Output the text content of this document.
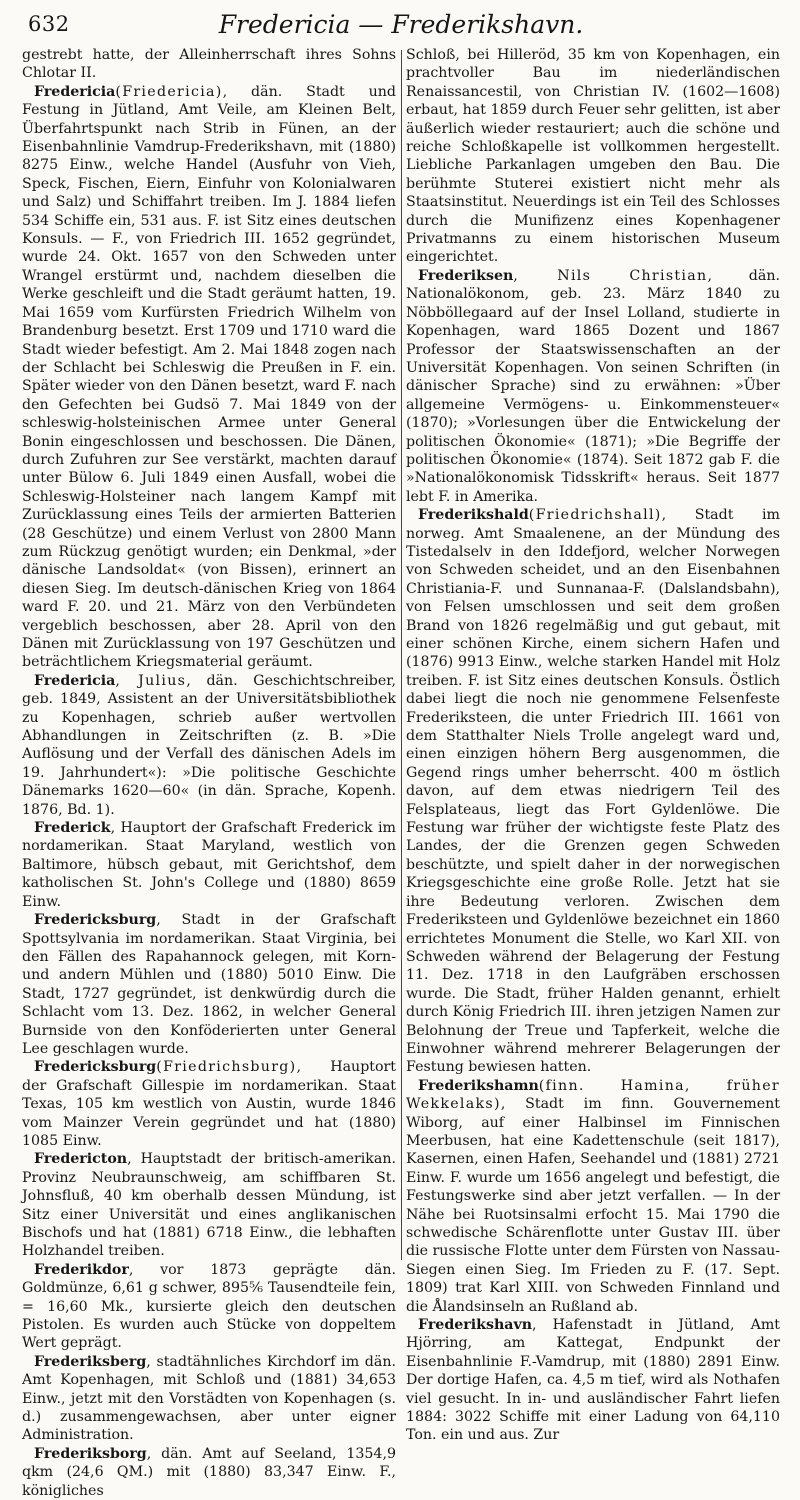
632	Fredericia — Frederikshavn.

gestrebt hatte, der Alleinherrschaft ihres Sohns Chlotar II.

Fredericia(Friedericia), dän. Stadt und Festung in Jütland, Amt Veile, am Kleinen Belt, Überfahrtspunkt nach Strib in Fünen, an der Eisenbahnlinie Vamdrup-Frederikshavn, mit (1880) 8275 Einw., welche Handel (Ausfuhr von Vieh, Speck, Fischen, Eiern, Einfuhr von Kolonialwaren und Salz) und Schiffahrt treiben. Im J. 1884 liefen 534 Schiffe ein, 531 aus. F. ist Sitz eines deutschen Konsuls. — F., von Friedrich III. 1652 gegründet, wurde 24. Okt. 1657 von den Schweden unter Wrangel erstürmt und, nachdem dieselben die Werke geschleift und die Stadt geräumt hatten, 19. Mai 1659 vom Kurfürsten Friedrich Wilhelm von Brandenburg besetzt. Erst 1709 und 1710 ward die Stadt wieder befestigt. Am 2. Mai 1848 zogen nach der Schlacht bei Schleswig die Preußen in F. ein. Später wieder von den Dänen besetzt, ward F. nach den Gefechten bei Gudsö 7. Mai 1849 von der schleswig-holsteinischen Armee unter General Bonin eingeschlossen und beschossen. Die Dänen, durch Zufuhren zur See verstärkt, machten darauf unter Bülow 6. Juli 1849 einen Ausfall, wobei die Schleswig-Holsteiner nach langem Kampf mit Zurücklassung eines Teils der armierten Batterien (28 Geschütze) und einem Verlust von 2800 Mann zum Rückzug genötigt wurden; ein Denkmal, »der dänische Landsoldat« (von Bissen), erinnert an diesen Sieg. Im deutsch-dänischen Krieg von 1864 ward F. 20. und 21. März von den Verbündeten vergeblich beschossen, aber 28. April von den Dänen mit Zurücklassung von 197 Geschützen und beträchtlichem Kriegsmaterial geräumt.

Fredericia, Julius, dän. Geschichtschreiber, geb. 1849, Assistent an der Universitätsbibliothek zu Kopenhagen, schrieb außer wertvollen Abhandlungen in Zeitschriften (z. B. »Die Auflösung und der Verfall des dänischen Adels im 19. Jahrhundert«): »Die politische Geschichte Dänemarks 1620—60« (in dän. Sprache, Kopenh. 1876, Bd. 1).

Frederick, Hauptort der Grafschaft Frederick im nordamerikan. Staat Maryland, westlich von Baltimore, hübsch gebaut, mit Gerichtshof, dem katholischen St. John's College und (1880) 8659 Einw.

Fredericksburg, Stadt in der Grafschaft Spottsylvania im nordamerikan. Staat Virginia, bei den Fällen des Rapahannock gelegen, mit Korn- und andern Mühlen und (1880) 5010 Einw. Die Stadt, 1727 gegründet, ist denkwürdig durch die Schlacht vom 13. Dez. 1862, in welcher General Burnside von den Konföderierten unter General Lee geschlagen wurde.

Fredericksburg(Friedrichsburg), Hauptort der Grafschaft Gillespie im nordamerikan. Staat Texas, 105 km westlich von Austin, wurde 1846 vom Mainzer Verein gegründet und hat (1880) 1085 Einw.

Fredericton, Hauptstadt der britisch-amerikan. Provinz Neubraunschweig, am schiffbaren St. Johnsfluß, 40 km oberhalb dessen Mündung, ist Sitz einer Universität und eines anglikanischen Bischofs und hat (1881) 6718 Einw., die lebhaften Holzhandel treiben.

Frederikdor, vor 1873 geprägte dän. Goldmünze, 6,61 g schwer, 895⅚ Tausendteile fein, = 16,60 Mk., kursierte gleich den deutschen Pistolen. Es wurden auch Stücke von doppeltem Wert geprägt.

Frederiksberg, stadtähnliches Kirchdorf im dän. Amt Kopenhagen, mit Schloß und (1881) 34,653 Einw., jetzt mit den Vorstädten von Kopenhagen (s. d.) zusammengewachsen, aber unter eigner Administration.

Frederiksborg, dän. Amt auf Seeland, 1354,9 qkm (24,6 QM.) mit (1880) 83,347 Einw. F., königliches

Schloß, bei Hilleröd, 35 km von Kopenhagen, ein prachtvoller Bau im niederländischen Renaissancestil, von Christian IV. (1602—1608) erbaut, hat 1859 durch Feuer sehr gelitten, ist aber äußerlich wieder restauriert; auch die schöne und reiche Schloßkapelle ist vollkommen hergestellt. Liebliche Parkanlagen umgeben den Bau. Die berühmte Stuterei existiert nicht mehr als Staatsinstitut. Neuerdings ist ein Teil des Schlosses durch die Munifizenz eines Kopenhagener Privatmanns zu einem historischen Museum eingerichtet.

Frederiksen, Nils Christian, dän. Nationalökonom, geb. 23. März 1840 zu Nöbböllegaard auf der Insel Lolland, studierte in Kopenhagen, ward 1865 Dozent und 1867 Professor der Staatswissenschaften an der Universität Kopenhagen. Von seinen Schriften (in dänischer Sprache) sind zu erwähnen: »Über allgemeine Vermögens- u. Einkommensteuer« (1870); »Vorlesungen über die Entwickelung der politischen Ökonomie« (1871); »Die Begriffe der politischen Ökonomie« (1874). Seit 1872 gab F. die »Nationalökonomisk Tidsskrift« heraus. Seit 1877 lebt F. in Amerika.

Frederikshald(Friedrichshall), Stadt im norweg. Amt Smaalenene, an der Mündung des Tistedalselv in den Iddefjord, welcher Norwegen von Schweden scheidet, und an den Eisenbahnen Christiania-F. und Sunnanaa-F. (Dalslandsbahn), von Felsen umschlossen und seit dem großen Brand von 1826 regelmäßig und gut gebaut, mit einer schönen Kirche, einem sichern Hafen und (1876) 9913 Einw., welche starken Handel mit Holz treiben. F. ist Sitz eines deutschen Konsuls. Östlich dabei liegt die noch nie genommene Felsenfeste Frederiksteen, die unter Friedrich III. 1661 von dem Statthalter Niels Trolle angelegt ward und, einen einzigen höhern Berg ausgenommen, die Gegend rings umher beherrscht. 400 m östlich davon, auf dem etwas niedrigern Teil des Felsplateaus, liegt das Fort Gyldenlöwe. Die Festung war früher der wichtigste feste Platz des Landes, der die Grenzen gegen Schweden beschützte, und spielt daher in der norwegischen Kriegsgeschichte eine große Rolle. Jetzt hat sie ihre Bedeutung verloren. Zwischen dem Frederiksteen und Gyldenlöwe bezeichnet ein 1860 errichtetes Monument die Stelle, wo Karl XII. von Schweden während der Belagerung der Festung 11. Dez. 1718 in den Laufgräben erschossen wurde. Die Stadt, früher Halden genannt, erhielt durch König Friedrich III. ihren jetzigen Namen zur Belohnung der Treue und Tapferkeit, welche die Einwohner während mehrerer Belagerungen der Festung bewiesen hatten.

Frederikshamn(finn. Hamina, früher Wekkelaks), Stadt im finn. Gouvernement Wiborg, auf einer Halbinsel im Finnischen Meerbusen, hat eine Kadettenschule (seit 1817), Kasernen, einen Hafen, Seehandel und (1881) 2721 Einw. F. wurde um 1656 angelegt und befestigt, die Festungswerke sind aber jetzt verfallen. — In der Nähe bei Ruotsinsalmi erfocht 15. Mai 1790 die schwedische Schärenflotte unter Gustav III. über die russische Flotte unter dem Fürsten von Nassau-Siegen einen Sieg. Im Frieden zu F. (17. Sept. 1809) trat Karl XIII. von Schweden Finnland und die Ålandsinseln an Rußland ab.

Frederikshavn, Hafenstadt in Jütland, Amt Hjörring, am Kattegat, Endpunkt der Eisenbahnlinie F.-Vamdrup, mit (1880) 2891 Einw. Der dortige Hafen, ca. 4,5 m tief, wird als Nothafen viel gesucht. In in- und ausländischer Fahrt liefen 1884: 3022 Schiffe mit einer Ladung von 64,110 Ton. ein und aus. Zur
